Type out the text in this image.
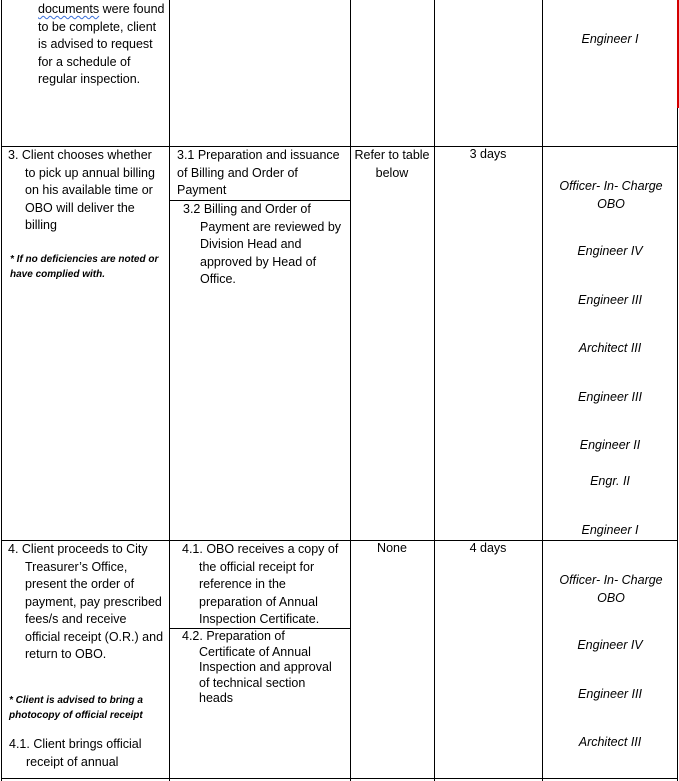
documents were found to be complete, client is advised to request for a schedule of regular inspection.
Engineer I
3. Client chooses whether to pick up annual billing on his available time or OBO will deliver the billing
* If no deficiencies are noted or have complied with.
3.1 Preparation and issuance of Billing and Order of Payment
3.2 Billing and Order of Payment are reviewed by Division Head and approved by Head of Office.
Refer to table below
3 days
Officer- In- Charge OBO
Engineer IV
Engineer III
Architect III
Engineer III
Engineer II
Engr. II
Engineer I
4. Client proceeds to City Treasurer’s Office, present the order of payment, pay prescribed fees/s and receive official receipt (O.R.) and return to OBO.
* Client is advised to bring a photocopy of official receipt
4.1. Client brings official receipt of annual
4.1. OBO receives a copy of the official receipt for reference in the preparation of Annual Inspection Certificate.
4.2. Preparation of Certificate of Annual Inspection and approval of technical section heads
None	4 days
Officer- In- Charge OBO
Engineer IV
Engineer III
Architect III
